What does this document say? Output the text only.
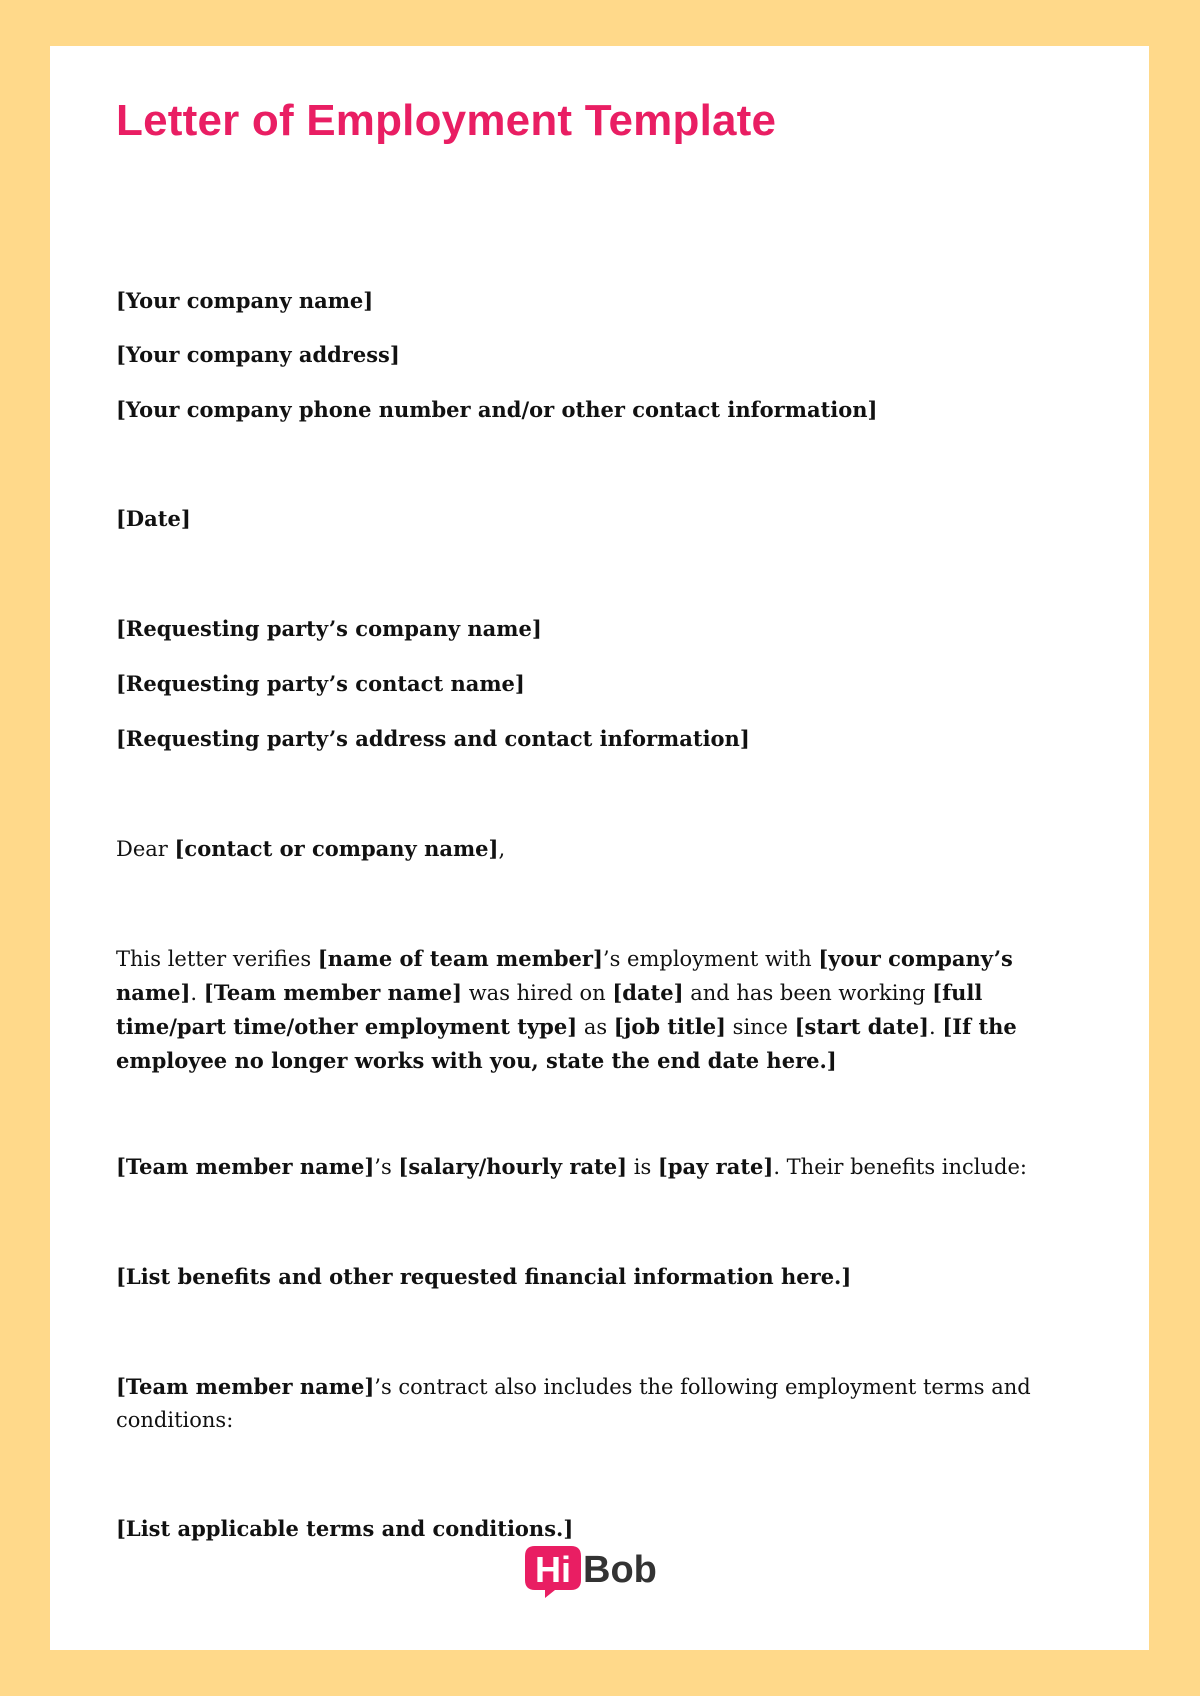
Letter of Employment Template

[Your company name]

[Your company address]

[Your company phone number and/or other contact information]

[Date]

[Requesting party’s company name]

[Requesting party’s contact name]

[Requesting party’s address and contact information]

Dear [contact or company name],

This letter verifies [name of team member]’s employment with [your company’s name]. [Team member name] was hired on [date] and has been working [full time/part time/other employment type] as [job title] since [start date]. [If the employee no longer works with you, state the end date here.]

[Team member name]’s [salary/hourly rate] is [pay rate]. Their benefits include:

[List benefits and other requested financial information here.]

[Team member name]’s contract also includes the following employment terms and conditions:

[List applicable terms and conditions.]

Hi Bob
